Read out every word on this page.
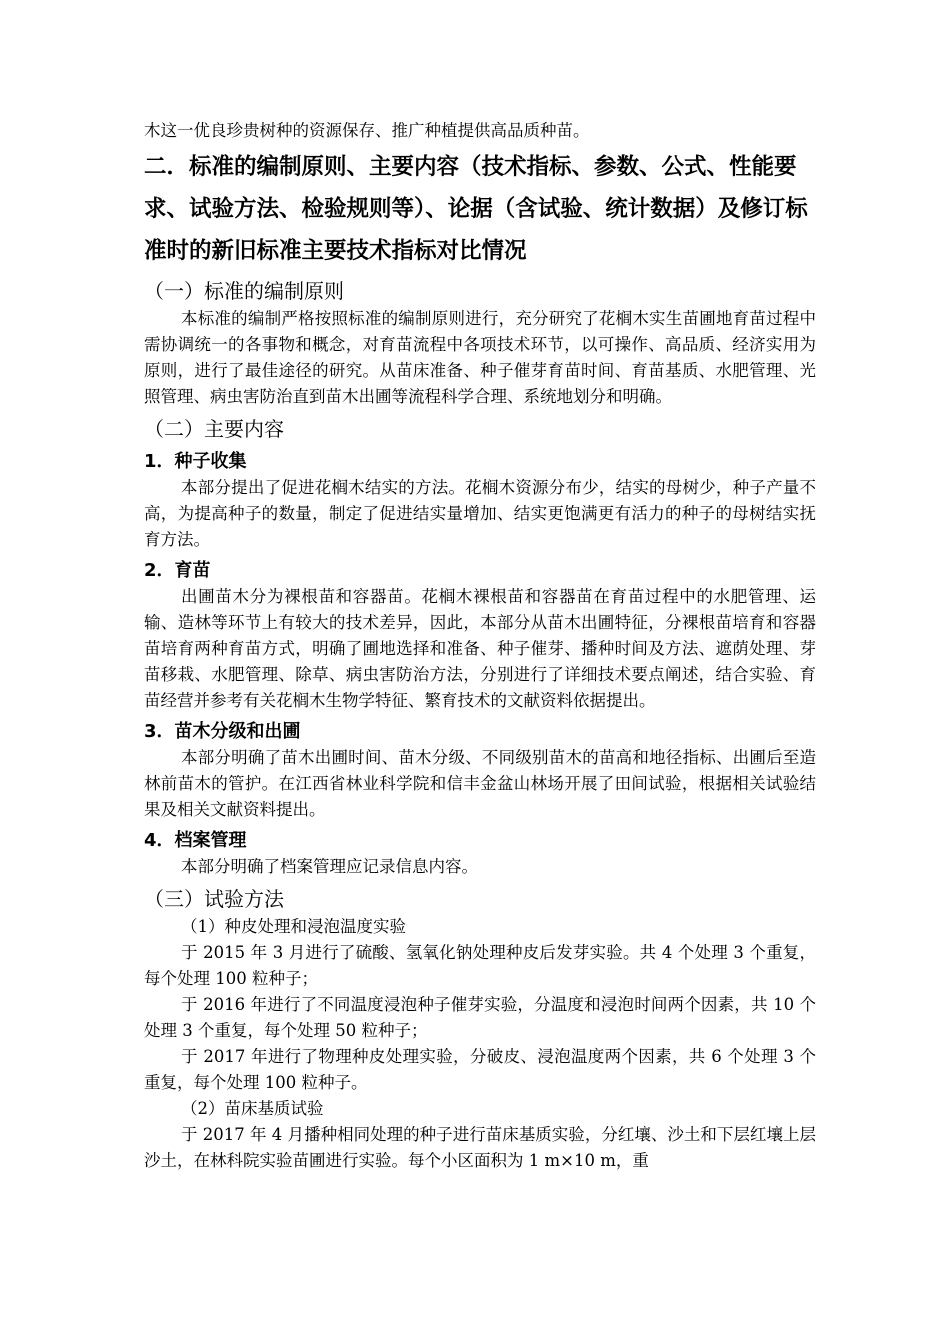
木这一优良珍贵树种的资源保存、推广种植提供高品质种苗。

二．标准的编制原则、主要内容（技术指标、参数、公式、性能要求、试验方法、检验规则等）、论据（含试验、统计数据）及修订标准时的新旧标准主要技术指标对比情况
（一）标准的编制原则

本标准的编制严格按照标准的编制原则进行，充分研究了花榈木实生苗圃地育苗过程中需协调统一的各事物和概念，对育苗流程中各项技术环节，以可操作、高品质、经济实用为原则，进行了最佳途径的研究。从苗床准备、种子催芽育苗时间、育苗基质、水肥管理、光照管理、病虫害防治直到苗木出圃等流程科学合理、系统地划分和明确。

（二）主要内容
1．种子收集

本部分提出了促进花榈木结实的方法。花榈木资源分布少，结实的母树少，种子产量不高，为提高种子的数量，制定了促进结实量增加、结实更饱满更有活力的种子的母树结实抚育方法。

2．育苗

出圃苗木分为裸根苗和容器苗。花榈木裸根苗和容器苗在育苗过程中的水肥管理、运输、造林等环节上有较大的技术差异，因此，本部分从苗木出圃特征，分裸根苗培育和容器苗培育两种育苗方式，明确了圃地选择和准备、种子催芽、播种时间及方法、遮荫处理、芽苗移栽、水肥管理、除草、病虫害防治方法，分别进行了详细技术要点阐述，结合实验、育苗经营并参考有关花榈木生物学特征、繁育技术的文献资料依据提出。

3．苗木分级和出圃

本部分明确了苗木出圃时间、苗木分级、不同级别苗木的苗高和地径指标、出圃后至造林前苗木的管护。在江西省林业科学院和信丰金盆山林场开展了田间试验，根据相关试验结果及相关文献资料提出。

4．档案管理

本部分明确了档案管理应记录信息内容。

（三）试验方法

（1）种皮处理和浸泡温度实验

于 2015 年 3 月进行了硫酸、氢氧化钠处理种皮后发芽实验。共 4 个处理 3 个重复，每个处理 100 粒种子；

于 2016 年进行了不同温度浸泡种子催芽实验，分温度和浸泡时间两个因素，共 10 个处理 3 个重复，每个处理 50 粒种子；

于 2017 年进行了物理种皮处理实验，分破皮、浸泡温度两个因素，共 6 个处理 3 个重复，每个处理 100 粒种子。

（2）苗床基质试验

于 2017 年 4 月播种相同处理的种子进行苗床基质实验，分红壤、沙土和下层红壤上层沙土，在林科院实验苗圃进行实验。每个小区面积为 1 m×10 m，重
